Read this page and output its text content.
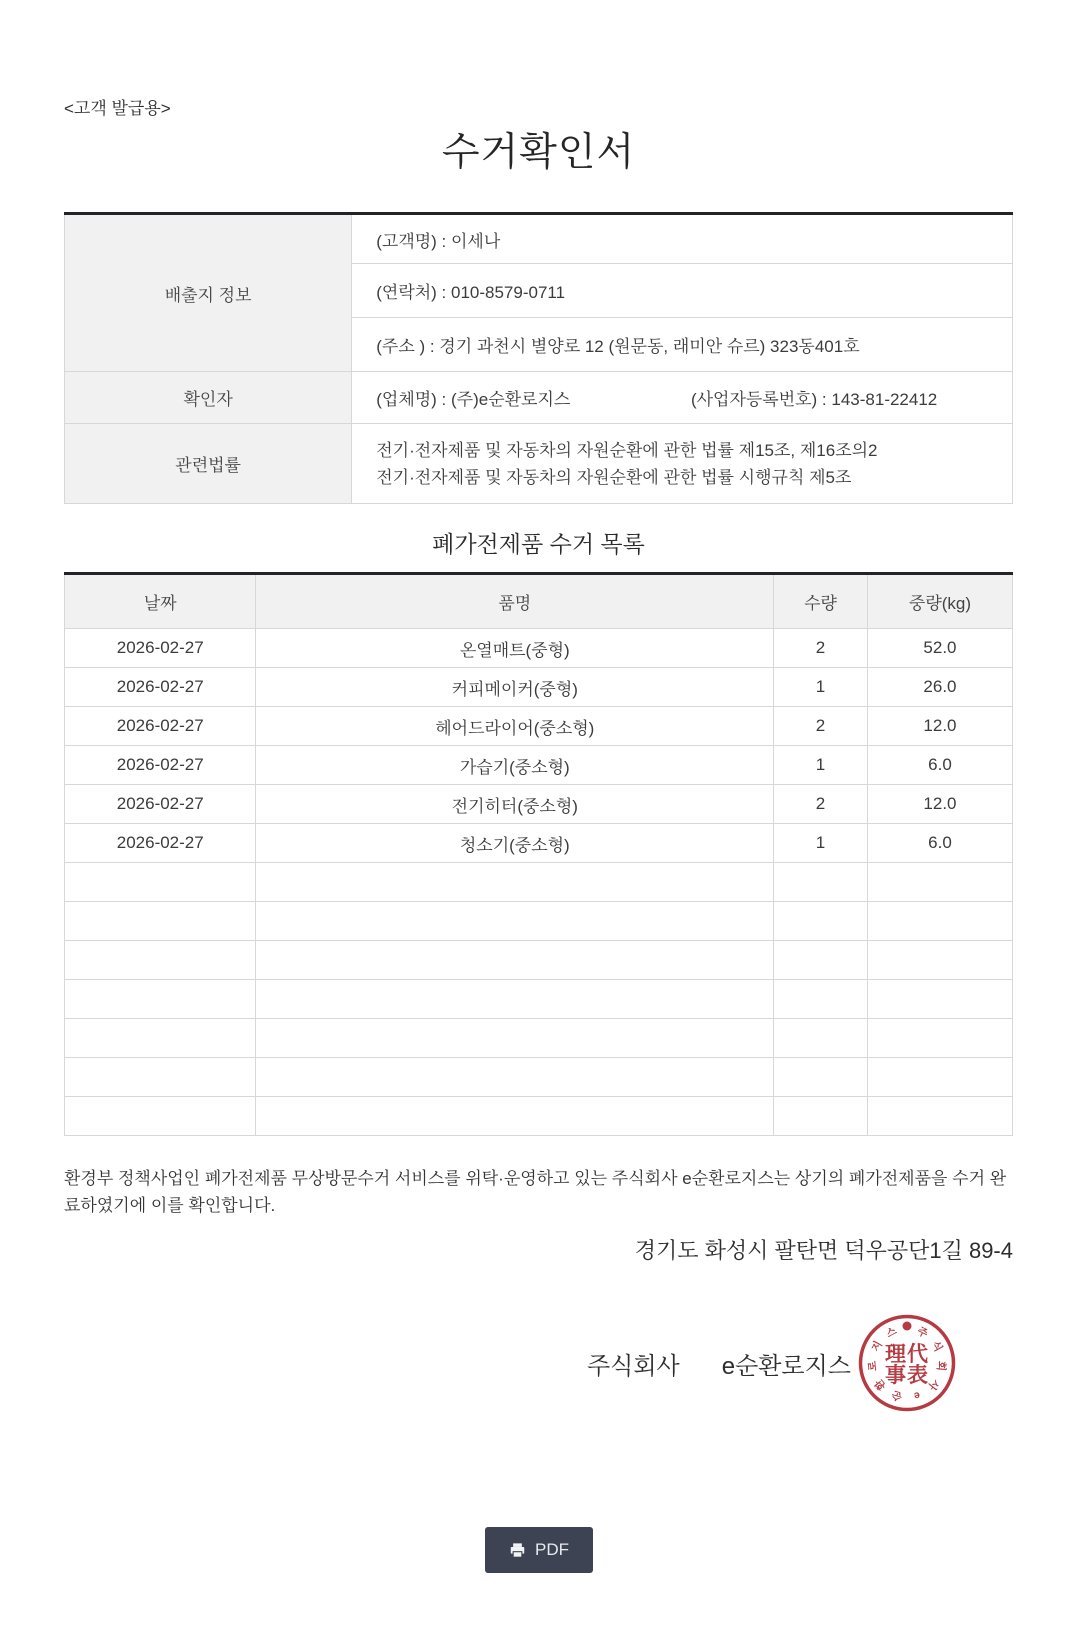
<고객 발급용>
수거확인서
배출지 정보	(고객명) : 이세나
	(연락처) : 010-8579-0711
	(주소 ) : 경기 과천시 별양로 12 (원문동, 래미안 슈르) 323동401호
확인자	(업체명) : (주)e순환로지스 (사업자등록번호) : 143-81-22412

관련법률	전기·전자제품 및 자동차의 자원순환에 관한 법률 제15조, 제16조의2
전기·전자제품 및 자동차의 자원순환에 관한 법률 시행규칙 제5조
폐가전제품 수거 목록
날짜	품명	수량	중량(kg)
2026-02-27	온열매트(중형)	2	52.0
2026-02-27	커피메이커(중형)	1	26.0
2026-02-27	헤어드라이어(중소형)	2	12.0
2026-02-27	가습기(중소형)	1	6.0
2026-02-27	전기히터(중소형)	2	12.0
2026-02-27	청소기(중소형)	1	6.0

환경부 정책사업인 폐가전제품 무상방문수거 서비스를 위탁·운영하고 있는 주식회사 e순환로지스는 상기의 폐가전제품을 수거 완료하였기에 이를 확인합니다.
경기도 화성시 팔탄면 덕우공단1길 89-4
주식회사 e순환로지스
주
식
회
사
e
순
환
로
지
스
理代
事表
PDF
